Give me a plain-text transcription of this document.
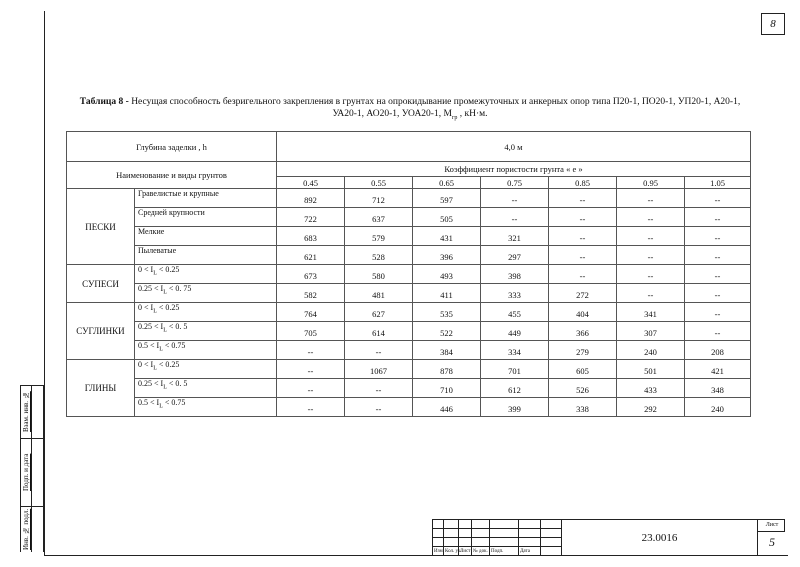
8
Взам. инв. №
Подп. и дата
Инв. № подл.
Таблица 8 - Несущая способность безригельного закрепления в грунтах на опрокидывание промежуточных и анкерных опор типа П20-1, ПО20-1, УП20-1, А20-1, УА20-1, АО20-1, УОА20-1, $M_{гр}$ , кН·м.
Глубина заделки , h		4,0 м						
Наименование и виды грунтов		Коэффициент пористости грунта « е »						
		0.45	0.55	0.65	0.75	0.85	0.95	1.05
ПЕСКИ	Гравелистые и крупные	892	712	597	--	--	--	--
	Средней крупности	722	637	505	--	--	--	--
	Мелкие	683	579	431	321	--	--	--
	Пылеватые	621	528	396	297	--	--	--
СУПЕСИ	$0 < I_L < 0.25$	673	580	493	398	--	--	--
	$0.25 < I_L < 0$. 75	582	481	411	333	272	--	--
СУГЛИНКИ	$0 < I_L < 0.25$	764	627	535	455	404	341	--
	$0.25 < I_L < 0$. 5	705	614	522	449	366	307	--
	$0.5 < I_L < 0.75$	--	--	384	334	279	240	208
ГЛИНЫ	$0 < I_L < 0.25$	--	1067	878	701	605	501	421
	$0.25 < I_L < 0$. 5	--	--	710	612	526	433	348
	$0.5 < I_L < 0.75$	--	--	446	399	338	292	240
Изм. Кол. уч.
Лист № док. Подп.	Дата
23.0016
Лист
5
